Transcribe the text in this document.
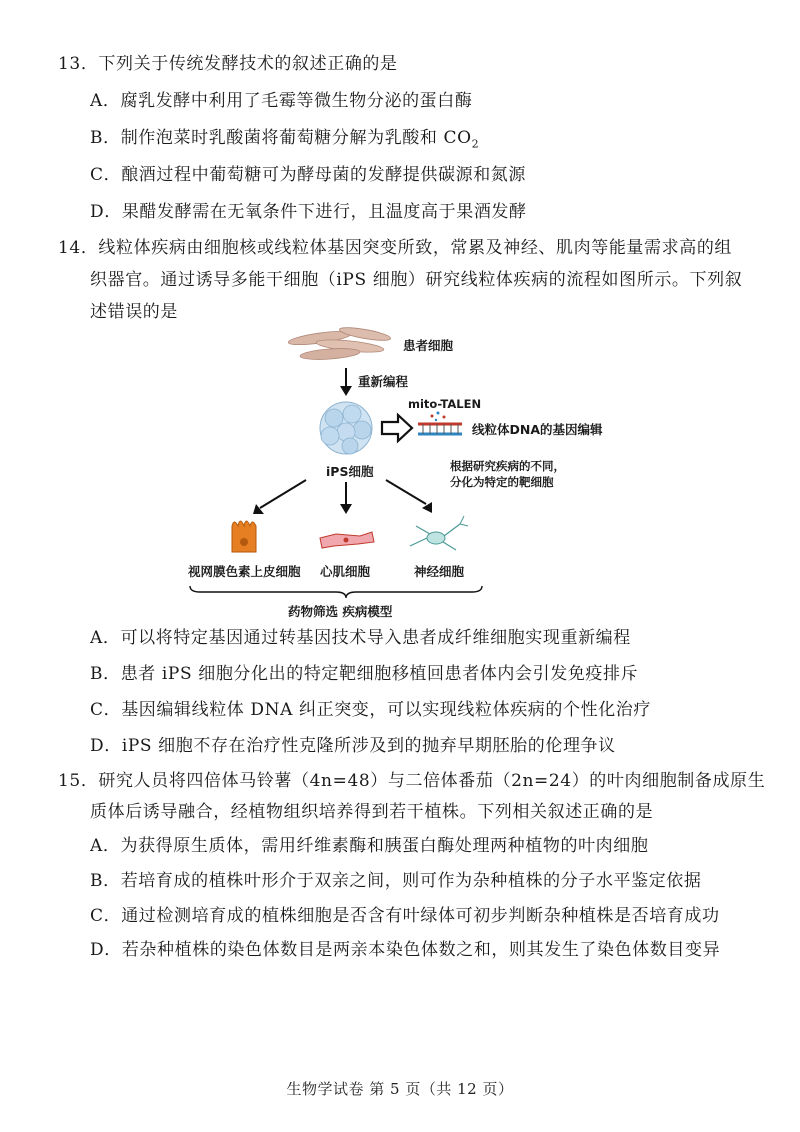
13．下列关于传统发酵技术的叙述正确的是
A．腐乳发酵中利用了毛霉等微生物分泌的蛋白酶
B．制作泡菜时乳酸菌将葡萄糖分解为乳酸和 $CO_2$
C．酿酒过程中葡萄糖可为酵母菌的发酵提供碳源和氮源
D．果醋发酵需在无氧条件下进行，且温度高于果酒发酵
14．线粒体疾病由细胞核或线粒体基因突变所致，常累及神经、肌肉等能量需求高的组
织器官。通过诱导多能干细胞（iPS 细胞）研究线粒体疾病的流程如图所示。下列叙
述错误的是
患者细胞
重新编程
mito-TALEN
线粒体DNA的基因编辑
iPS细胞	根据研究疾病的不同，
分化为特定的靶细胞
视网膜色素上皮细胞 心肌细胞	神经细胞
药物筛选 疾病模型
A．可以将特定基因通过转基因技术导入患者成纤维细胞实现重新编程
B．患者 iPS 细胞分化出的特定靶细胞移植回患者体内会引发免疫排斥
C．基因编辑线粒体 DNA 纠正突变，可以实现线粒体疾病的个性化治疗
D．iPS 细胞不存在治疗性克隆所涉及到的抛弃早期胚胎的伦理争议
15．研究人员将四倍体马铃薯（4n=48）与二倍体番茄（2n=24）的叶肉细胞制备成原生
质体后诱导融合，经植物组织培养得到若干植株。下列相关叙述正确的是
A．为获得原生质体，需用纤维素酶和胰蛋白酶处理两种植物的叶肉细胞
B．若培育成的植株叶形介于双亲之间，则可作为杂种植株的分子水平鉴定依据
C．通过检测培育成的植株细胞是否含有叶绿体可初步判断杂种植株是否培育成功
D．若杂种植株的染色体数目是两亲本染色体数之和，则其发生了染色体数目变异
生物学试卷 第 5 页（共 12 页）
